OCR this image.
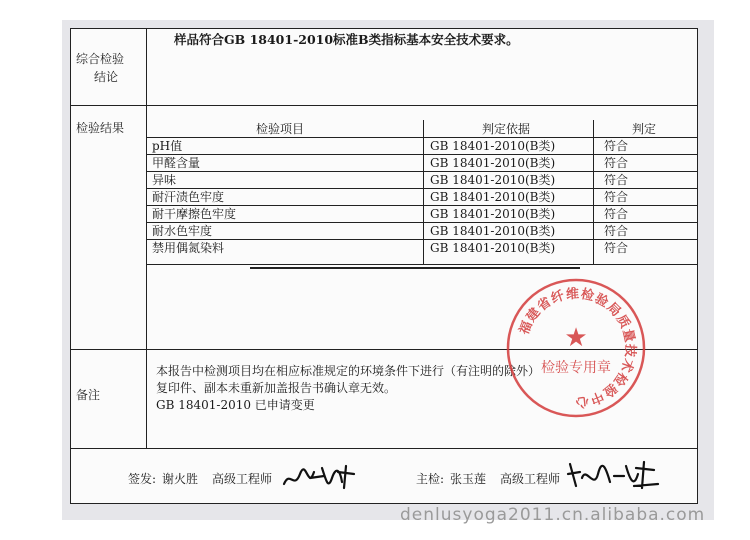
综合检验
结论
样品符合GB 18401-2010标准B类指标基本安全技术要求。
检验结果	检验项目	判定依据	判定
pH值	GB 18401-2010(B类)	符合
甲醛含量	GB 18401-2010(B类)	符合
异味	GB 18401-2010(B类)	符合
耐汗渍色牢度	GB 18401-2010(B类)	符合
耐干摩擦色牢度	GB 18401-2010(B类)	符合
耐水色牢度	GB 18401-2010(B类)	符合
禁用偶氮染料	GB 18401-2010(B类)	符合
备注
本报告中检测项目均在相应标准规定的环境条件下进行（有注明的除外）
复印件、副本未重新加盖报告书确认章无效。
GB 18401-2010 已申请变更
福建省纤维检验局质量技术检验中心
检验专用章
★
签发: 谢火胜 高级工程师	主检: 张玉莲 高级工程师
denlusyoga2011.cn.alibaba.com
